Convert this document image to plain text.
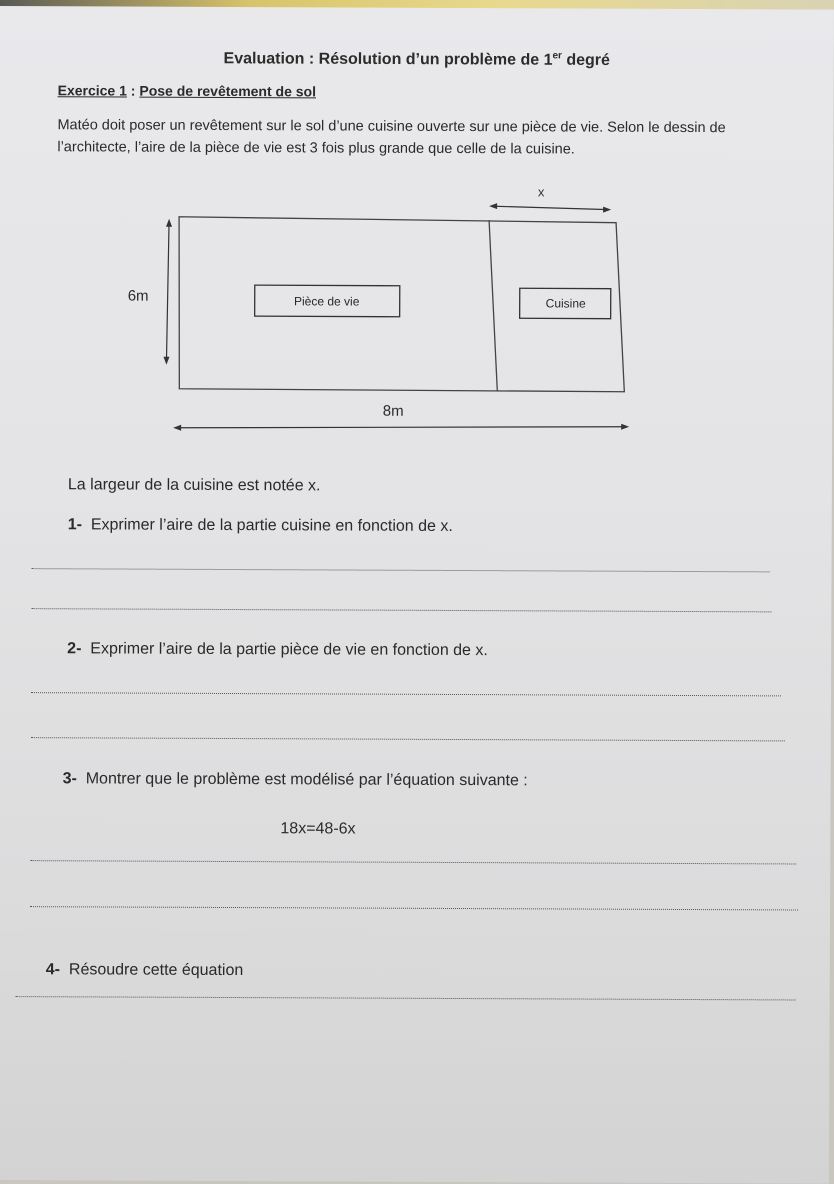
Evaluation : Résolution d’un problème de 1er degré
Exercice 1 : Pose de revêtement de sol
Matéo doit poser un revêtement sur le sol d’une cuisine ouverte sur une pièce de vie. Selon le dessin de l’architecte, l’aire de la pièce de vie est 3 fois plus grande que celle de la cuisine.
x
6m	Pièce de vie	Cuisine
8m
La largeur de la cuisine est notée x.
1- Exprimer l’aire de la partie cuisine en fonction de x.
2- Exprimer l’aire de la partie pièce de vie en fonction de x.
3- Montrer que le problème est modélisé par l’équation suivante :
18x=48-6x
4- Résoudre cette équation
